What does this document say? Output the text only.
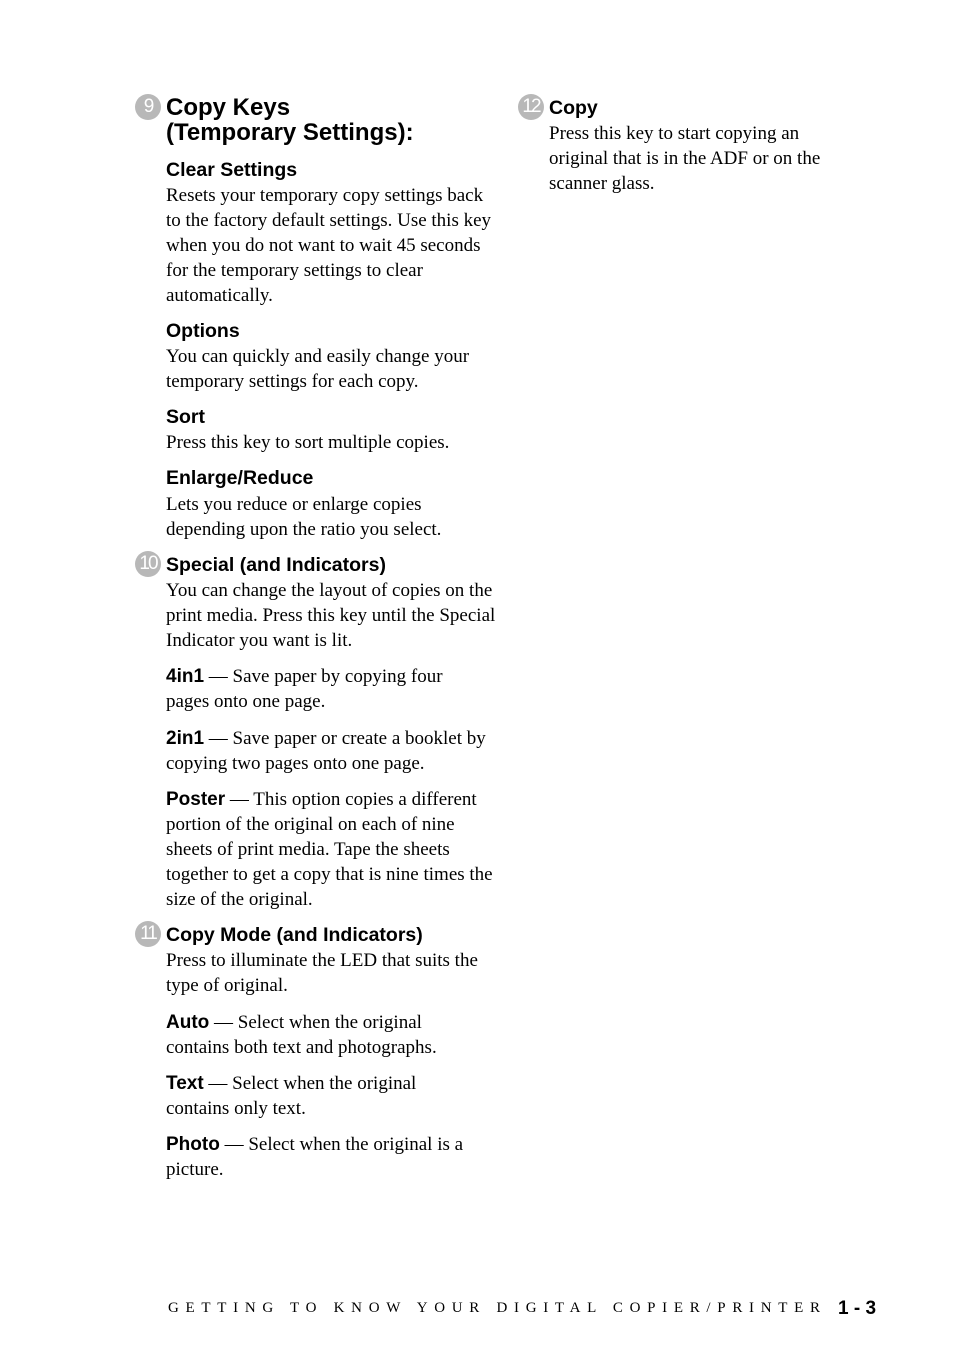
9
10
11
12
Copy Keys
(Temporary Settings):
Clear Settings
Resets your temporary copy settings back to the factory default settings. Use this key when you do not want to wait 45 seconds for the temporary settings to clear automatically.
Options
You can quickly and easily change your temporary settings for each copy.
Sort
Press this key to sort multiple copies.
Enlarge/Reduce
Lets you reduce or enlarge copies depending upon the ratio you select.
Special (and Indicators)
You can change the layout of copies on the print media. Press this key until the Special Indicator you want is lit.
4in1 — Save paper by copying four pages onto one page.
2in1 — Save paper or create a booklet by copying two pages onto one page.
Poster — This option copies a different portion of the original on each of nine sheets of print media. Tape the sheets together to get a copy that is nine times the size of the original.
Copy Mode (and Indicators)
Press to illuminate the LED that suits the type of original.
Auto — Select when the original contains both text and photographs.
Text — Select when the original contains only text.
Photo — Select when the original is a picture.
Copy
Press this key to start copying an original that is in the ADF or on the scanner glass.
GETTING TO KNOW YOUR DIGITAL COPIER/PRINTER 1 - 3
